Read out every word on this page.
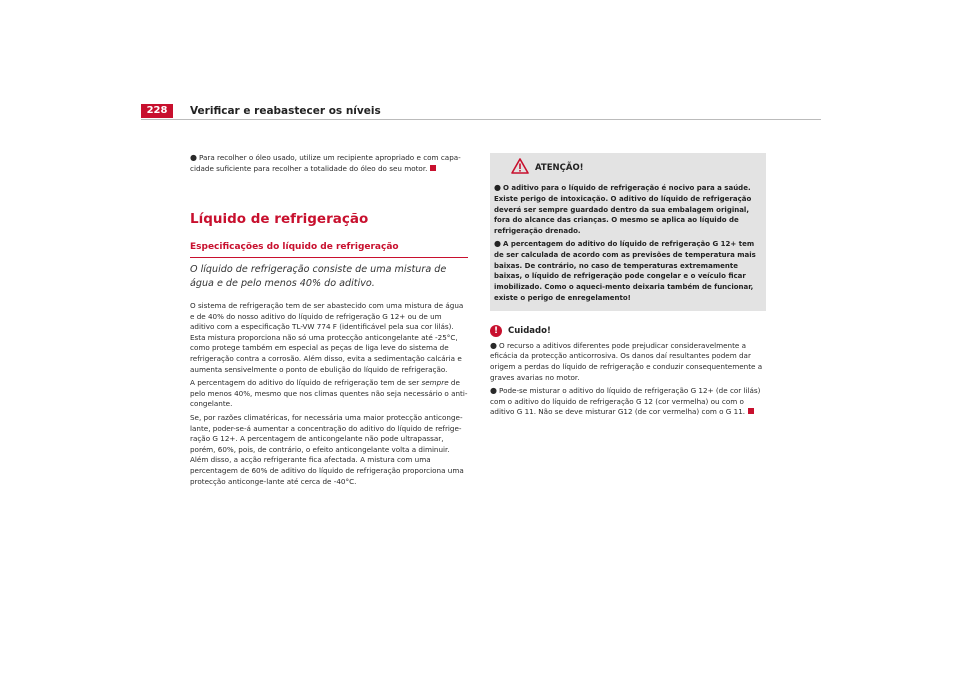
228	Verificar e reabastecer os níveis

● Para recolher o óleo usado, utilize um recipiente apropriado e com capa-cidade suficiente para recolher a totalidade do óleo do seu motor.

Líquido de refrigeração
Especificações do líquido de refrigeração

O líquido de refrigeração consiste de uma mistura de água e de pelo menos 40% do aditivo.

O sistema de refrigeração tem de ser abastecido com uma mistura de água e de 40% do nosso aditivo do líquido de refrigeração G 12+ ou de um aditivo com a especificação TL-VW 774 F (identificável pela sua cor lilás). Esta mistura proporciona não só uma protecção anticongelante até -25°C, como protege também em especial as peças de liga leve do sistema de refrigeração contra a corrosão. Além disso, evita a sedimentação calcária e aumenta sensivelmente o ponto de ebulição do líquido de refrigeração.

A percentagem do aditivo do líquido de refrigeração tem de ser sempre de pelo menos 40%, mesmo que nos climas quentes não seja necessário o anti-congelante.

Se, por razões climatéricas, for necessária uma maior protecção anticonge-lante, poder-se-á aumentar a concentração do aditivo do líquido de refrige-ração G 12+. A percentagem de anticongelante não pode ultrapassar, porém, 60%, pois, de contrário, o efeito anticongelante volta a diminuir. Além disso, a acção refrigerante fica afectada. A mistura com uma percentagem de 60% de aditivo do líquido de refrigeração proporciona uma protecção anticonge-lante até cerca de -40°C.

ATENÇÃO!

● O aditivo para o líquido de refrigeração é nocivo para a saúde. Existe perigo de intoxicação. O aditivo do líquido de refrigeração deverá ser sempre guardado dentro da sua embalagem original, fora do alcance das crianças. O mesmo se aplica ao líquido de refrigeração drenado.

● A percentagem do aditivo do líquido de refrigeração G 12+ tem de ser calculada de acordo com as previsões de temperatura mais baixas. De contrário, no caso de temperaturas extremamente baixas, o líquido de refrigeração pode congelar e o veículo ficar imobilizado. Como o aqueci-mento deixaria também de funcionar, existe o perigo de enregelamento!

!	Cuidado!

● O recurso a aditivos diferentes pode prejudicar consideravelmente a eficácia da protecção anticorrosiva. Os danos daí resultantes podem dar origem a perdas do líquido de refrigeração e conduzir consequentemente a graves avarias no motor.

● Pode-se misturar o aditivo do líquido de refrigeração G 12+ (de cor lilás) com o aditivo do líquido de refrigeração G 12 (cor vermelha) ou com o aditivo G 11. Não se deve misturar G12 (de cor vermelha) com o G 11.
